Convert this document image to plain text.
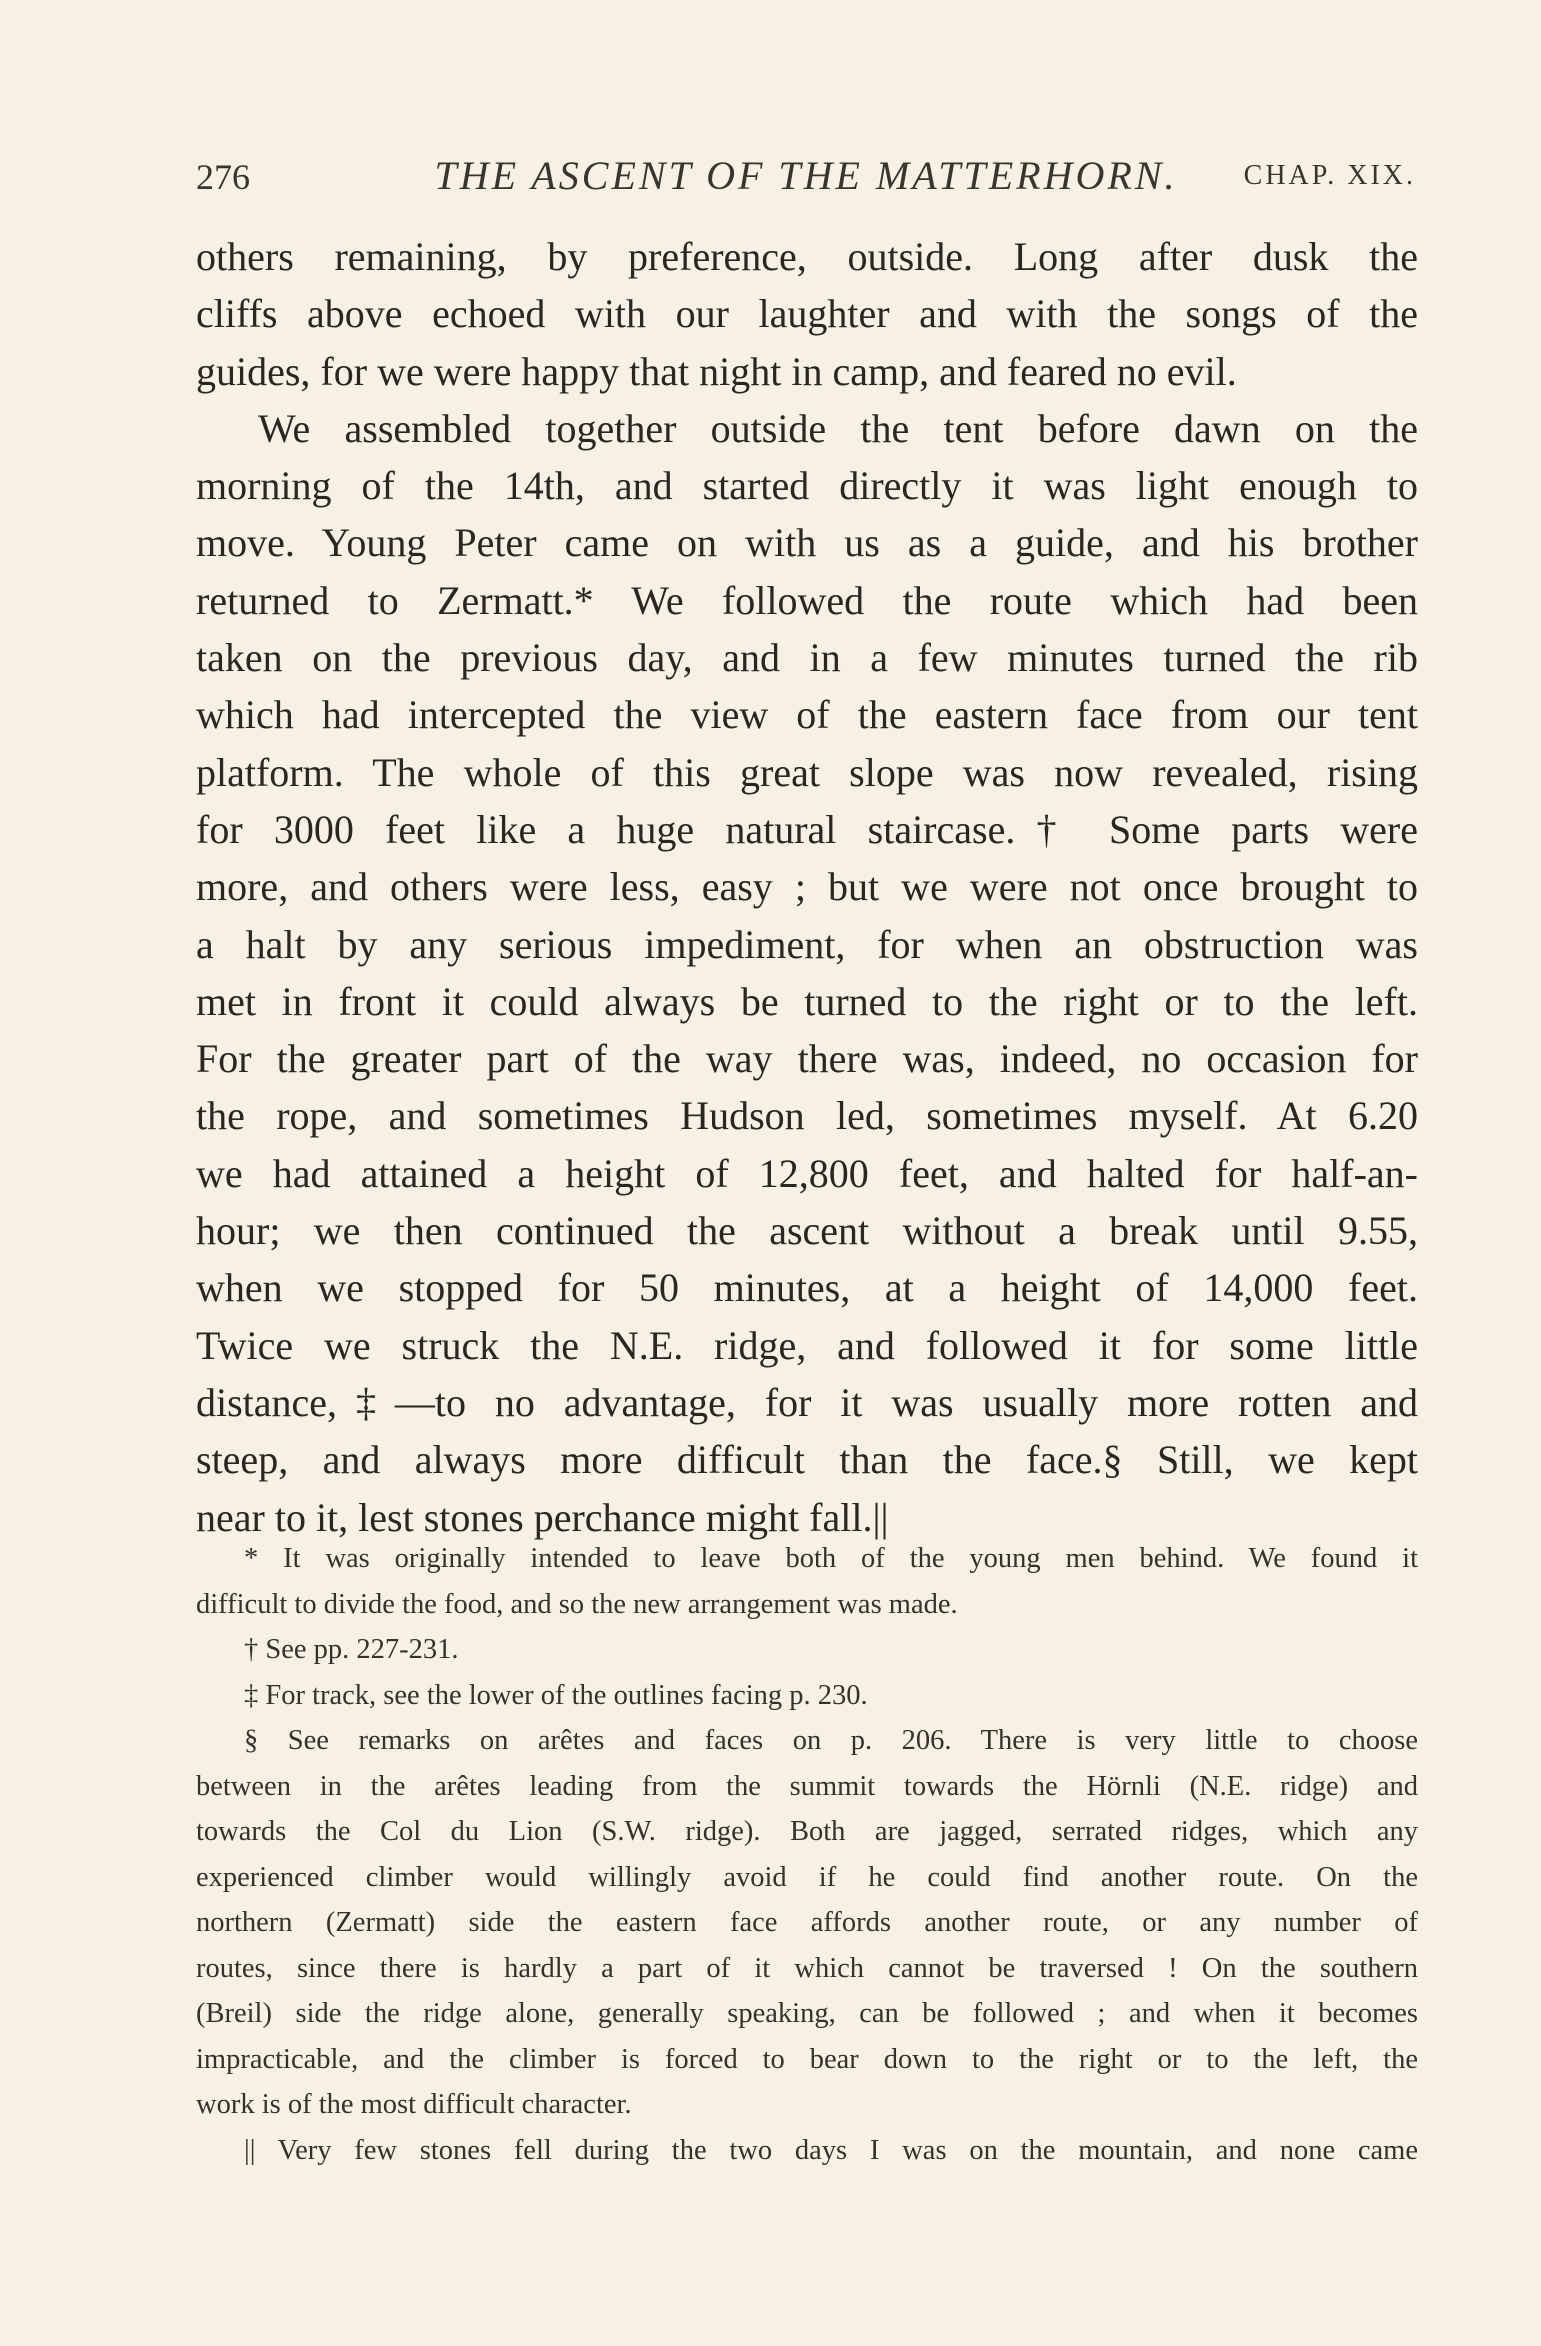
276	THE ASCENT OF THE MATTERHORN.	CHAP. XIX.
others remaining, by preference, outside. Long after dusk the
cliffs above echoed with our laughter and with the songs of the
guides, for we were happy that night in camp, and feared no evil.
We assembled together outside the tent before dawn on the
morning of the 14th, and started directly it was light enough to
move. Young Peter came on with us as a guide, and his brother
returned to Zermatt.* We followed the route which had been
taken on the previous day, and in a few minutes turned the rib
which had intercepted the view of the eastern face from our tent
platform. The whole of this great slope was now revealed, rising
for 3000 feet like a huge natural staircase.† Some parts were
more, and others were less, easy ; but we were not once brought to
a halt by any serious impediment, for when an obstruction was
met in front it could always be turned to the right or to the left.
For the greater part of the way there was, indeed, no occasion for
the rope, and sometimes Hudson led, sometimes myself. At 6.20
we had attained a height of 12,800 feet, and halted for half-an-
hour; we then continued the ascent without a break until 9.55,
when we stopped for 50 minutes, at a height of 14,000 feet.
Twice we struck the N.E. ridge, and followed it for some little
distance,‡—to no advantage, for it was usually more rotten and
steep, and always more difficult than the face.§ Still, we kept
near to it, lest stones perchance might fall.||
* It was originally intended to leave both of the young men behind. We found it
difficult to divide the food, and so the new arrangement was made.
† See pp. 227-231.
‡ For track, see the lower of the outlines facing p. 230.
§ See remarks on arêtes and faces on p. 206. There is very little to choose
between in the arêtes leading from the summit towards the Hörnli (N.E. ridge) and
towards the Col du Lion (S.W. ridge). Both are jagged, serrated ridges, which any
experienced climber would willingly avoid if he could find another route. On the
northern (Zermatt) side the eastern face affords another route, or any number of
routes, since there is hardly a part of it which cannot be traversed ! On the southern
(Breil) side the ridge alone, generally speaking, can be followed ; and when it becomes
impracticable, and the climber is forced to bear down to the right or to the left, the
work is of the most difficult character.
|| Very few stones fell during the two days I was on the mountain, and none came
